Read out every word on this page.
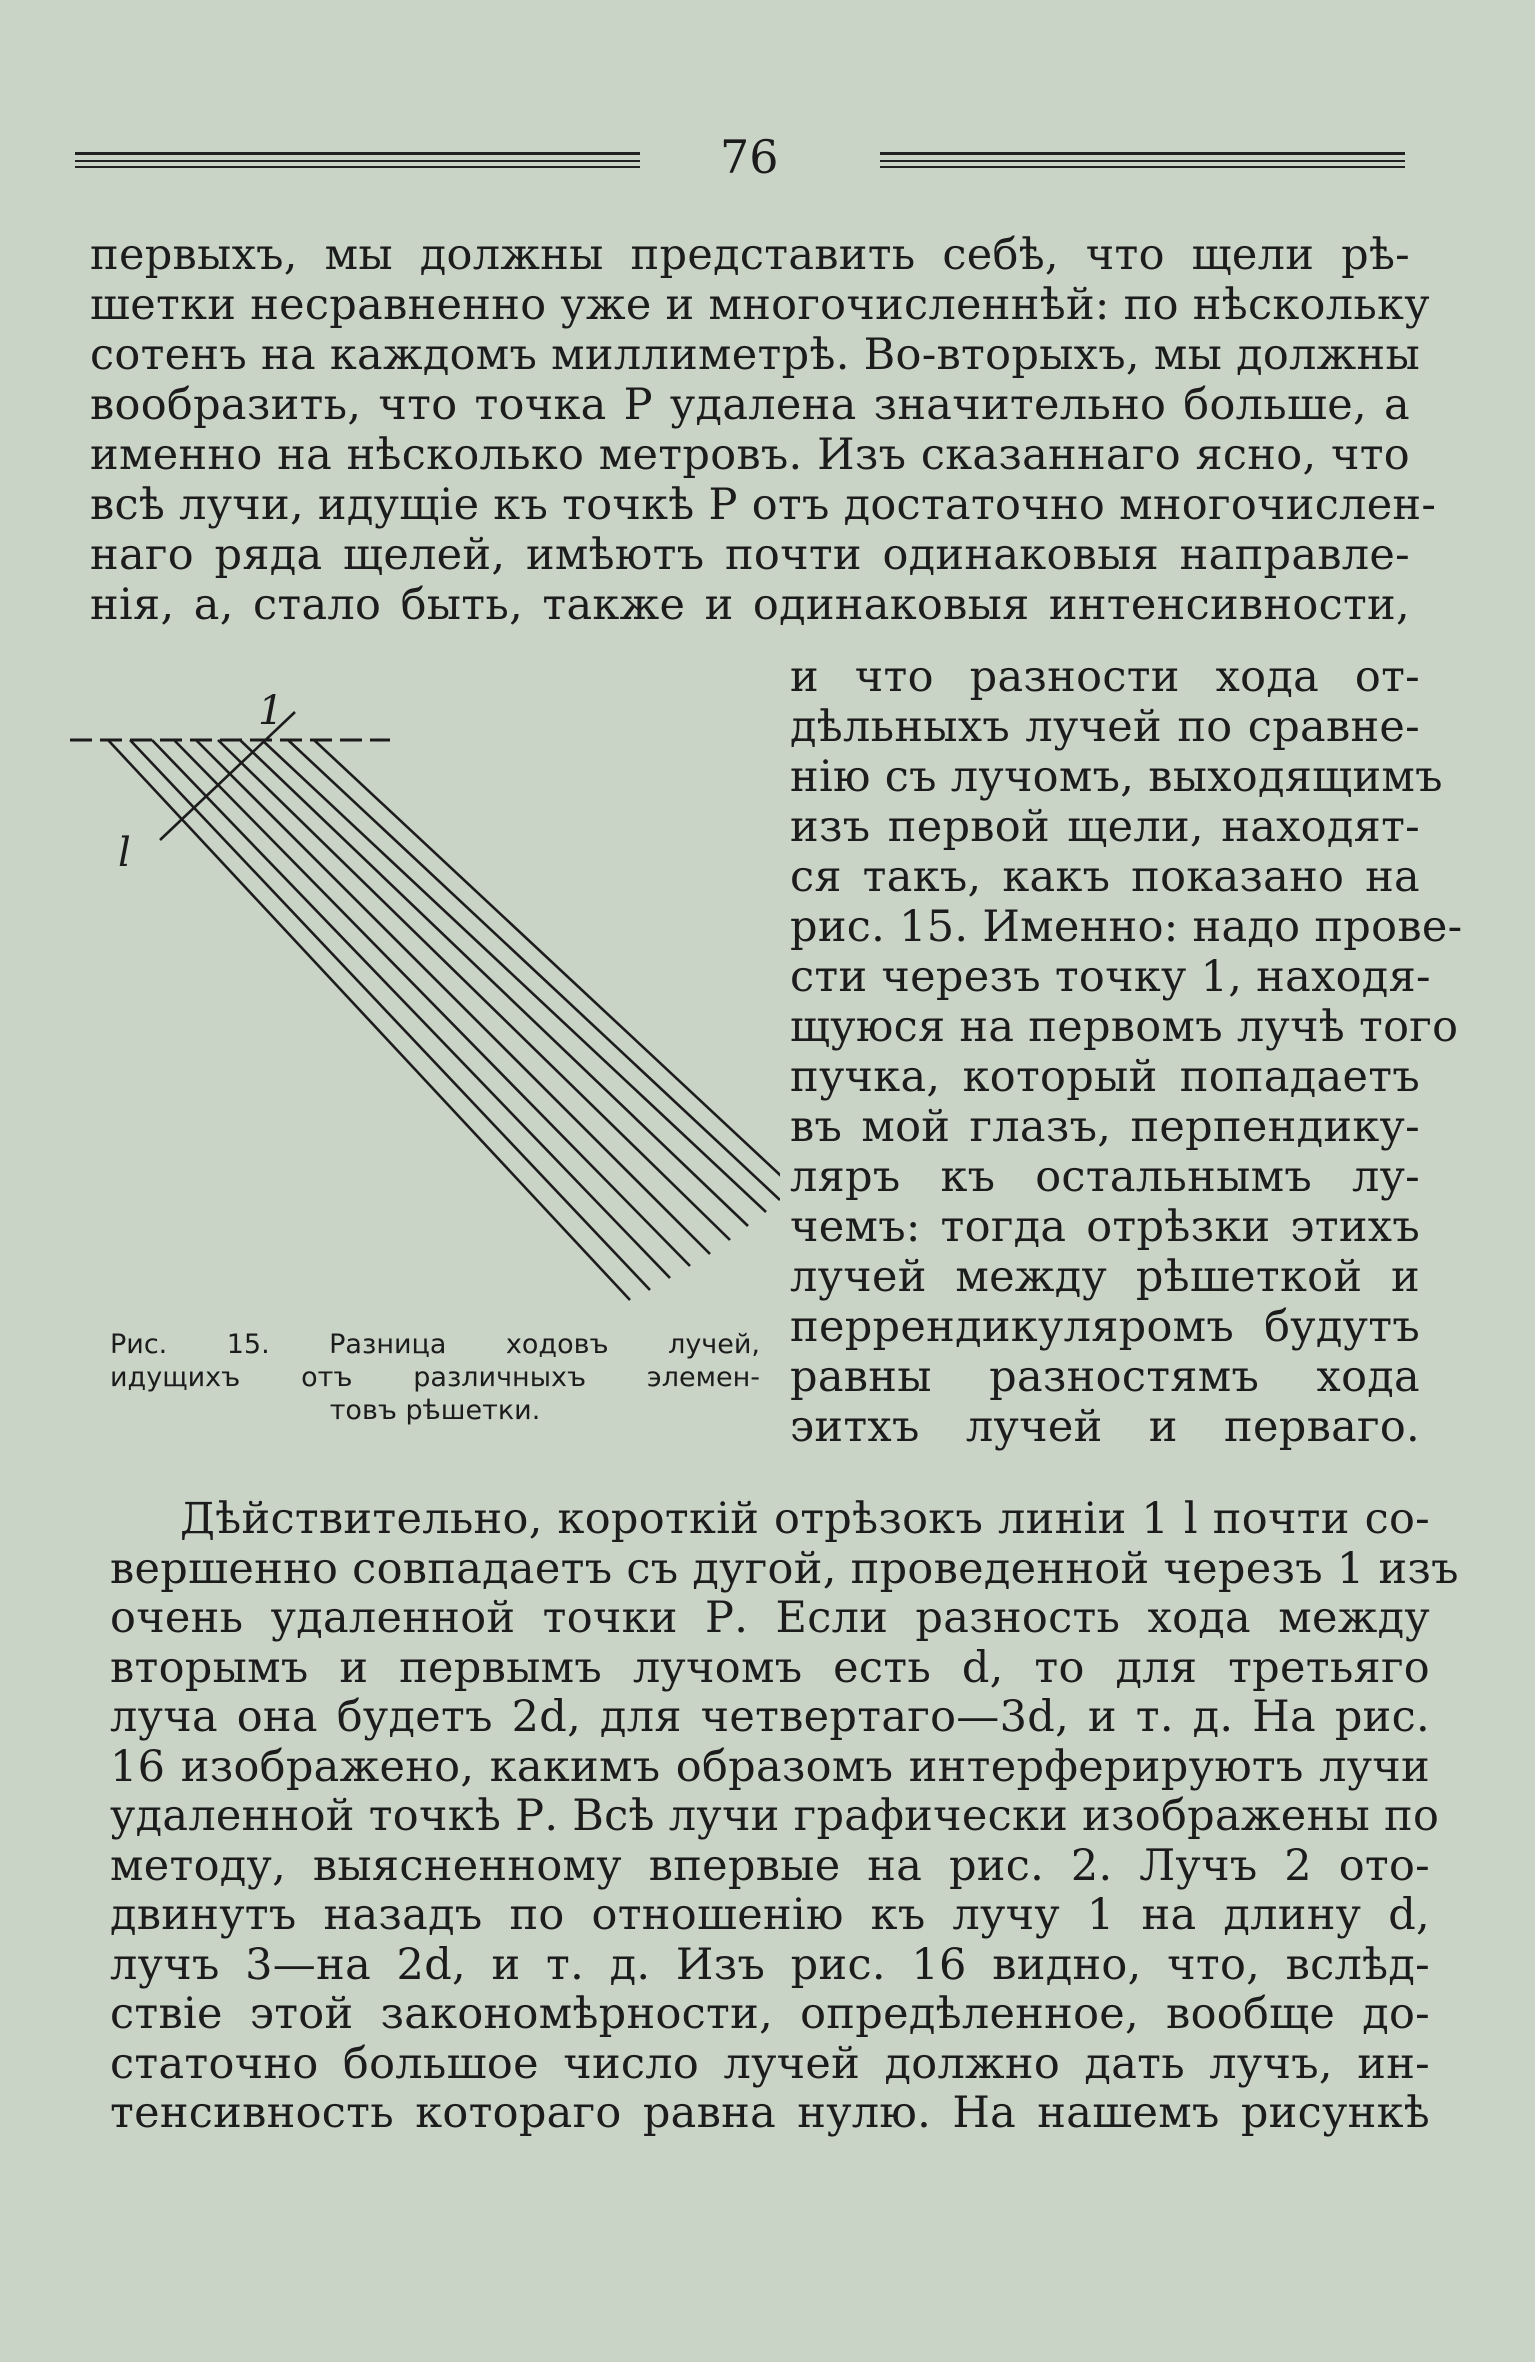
76
первыхъ, мы должны представить себѣ, что щели рѣ-
шетки несравненно уже и многочисленнѣй: по нѣскольку
сотенъ на каждомъ миллиметрѣ. Во-вторыхъ, мы должны
вообразить, что точка Р удалена значительно больше, а
именно на нѣсколько метровъ. Изъ сказаннаго ясно, что
всѣ лучи, идущіе къ точкѣ Р отъ достаточно многочислен-
наго ряда щелей, имѣютъ почти одинаковыя направле-
нія, а, стало быть, также и одинаковыя интенсивности,
и что разности хода от-
дѣльныхъ лучей по сравне-
нію съ лучомъ, выходящимъ
изъ первой щели, находят-
ся такъ, какъ показано на
рис. 15. Именно: надо прове-
сти черезъ точку 1, находя-
щуюся на первомъ лучѣ того
пучка, который попадаетъ
въ мой глазъ, перпендику-
ляръ къ остальнымъ лу-
чемъ: тогда отрѣзки этихъ
лучей между рѣшеткой и
перрендикуляромъ будутъ
равны разностямъ хода
эитхъ лучей и перваго.
1
l
Рис. 15. Разница ходовъ лучей,
идущихъ отъ различныхъ элемен-
товъ рѣшетки.
Дѣйствительно, короткій отрѣзокъ линіи 1 l почти со-
вершенно совпадаетъ съ дугой, проведенной черезъ 1 изъ
очень удаленной точки Р. Если разность хода между
вторымъ и первымъ лучомъ есть d, то для третьяго
луча она будетъ 2d, для четвертаго—3d, и т. д. На рис.
16 изображено, какимъ образомъ интерферируютъ лучи
удаленной точкѣ Р. Всѣ лучи графически изображены по
методу, выясненному впервые на рис. 2. Лучъ 2 ото-
двинутъ назадъ по отношенію къ лучу 1 на длину d,
лучъ 3—на 2d, и т. д. Изъ рис. 16 видно, что, вслѣд-
ствіе этой закономѣрности, опредѣленное, вообще до-
статочно большое число лучей должно дать лучъ, ин-
тенсивность котораго равна нулю. На нашемъ рисункѣ
